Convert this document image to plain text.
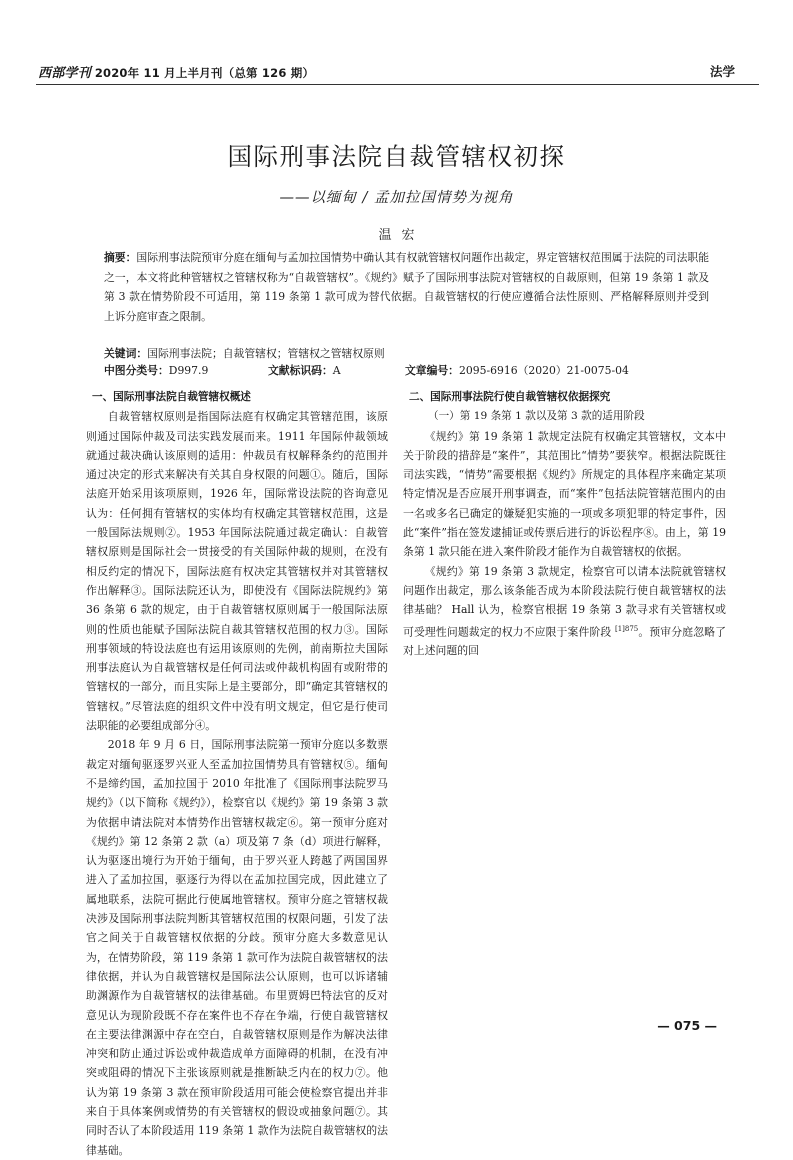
西部学刊 2020年 11 月上半月刊（总第 126 期）	法学
国际刑事法院自裁管辖权初探
——以缅甸 / 孟加拉国情势为视角
温宏

摘要：国际刑事法院预审分庭在缅甸与孟加拉国情势中确认其有权就管辖权问题作出裁定，界定管辖权范围属于法院的司法职能之一，本文将此种管辖权之管辖权称为“自裁管辖权”。《规约》赋予了国际刑事法院对管辖权的自裁原则，但第 19 条第 1 款及第 3 款在情势阶段不可适用，第 119 条第 1 款可成为替代依据。自裁管辖权的行使应遵循合法性原则、严格解释原则并受到上诉分庭审查之限制。

关键词：国际刑事法院；自裁管辖权；管辖权之管辖权原则

中图分类号：D997.9	文献标识码：A	文章编号：2095-6916（2020）21-0075-04
一、国际刑事法院自裁管辖权概述

自裁管辖权原则是指国际法庭有权确定其管辖范围，该原则通过国际仲裁及司法实践发展而来。1911 年国际仲裁领域就通过裁决确认该原则的适用：仲裁员有权解释条约的范围并通过决定的形式来解决有关其自身权限的问题①。随后，国际法庭开始采用该项原则，1926 年，国际常设法院的咨询意见认为：任何拥有管辖权的实体均有权确定其管辖权范围，这是一般国际法规则②。1953 年国际法院通过裁定确认：自裁管辖权原则是国际社会一贯接受的有关国际仲裁的规则，在没有相反约定的情况下，国际法庭有权决定其管辖权并对其管辖权作出解释③。国际法院还认为，即使没有《国际法院规约》第 36 条第 6 款的规定，由于自裁管辖权原则属于一般国际法原则的性质也能赋予国际法院自裁其管辖权范围的权力③。国际刑事领域的特设法庭也有运用该原则的先例，前南斯拉夫国际刑事法庭认为自裁管辖权是任何司法或仲裁机构固有或附带的管辖权的一部分，而且实际上是主要部分，即“确定其管辖权的管辖权。”尽管法庭的组织文件中没有明文规定，但它是行使司法职能的必要组成部分④。

2018 年 9 月 6 日，国际刑事法院第一预审分庭以多数票裁定对缅甸驱逐罗兴亚人至孟加拉国情势具有管辖权⑤。缅甸不是缔约国，孟加拉国于 2010 年批准了《国际刑事法院罗马规约》（以下简称《规约》），检察官以《规约》第 19 条第 3 款为依据申请法院对本情势作出管辖权裁定⑥。第一预审分庭对《规约》第 12 条第 2 款（a）项及第 7 条（d）项进行解释，认为驱逐出境行为开始于缅甸，由于罗兴亚人跨越了两国国界进入了孟加拉国，驱逐行为得以在孟加拉国完成，因此建立了属地联系，法院可据此行使属地管辖权。预审分庭之管辖权裁决涉及国际刑事法院判断其管辖权范围的权限问题，引发了法官之间关于自裁管辖权依据的分歧。预审分庭大多数意见认为，在情势阶段，第 119 条第 1 款可作为法院自裁管辖权的法律依据，并认为自裁管辖权是国际法公认原则，也可以诉诸辅助渊源作为自裁管辖权的法律基础。布里贾姆巴特法官的反对意见认为现阶段既不存在案件也不存在争端，行使自裁管辖权在主要法律渊源中存在空白，自裁管辖权原则是作为解决法律冲突和防止通过诉讼或仲裁造成单方面障碍的机制，在没有冲突或阻碍的情况下主张该原则就是推断缺乏内在的权力⑦。他认为第 19 条第 3 款在预审阶段适用可能会使检察官提出并非来自于具体案例或情势的有关管辖权的假设或抽象问题⑦。其同时否认了本阶段适用 119 条第 1 款作为法院自裁管辖权的法律基础。

二、国际刑事法院行使自裁管辖权依据探究
（一）第 19 条第 1 款以及第 3 款的适用阶段

《规约》第 19 条第 1 款规定法院有权确定其管辖权，文本中关于阶段的措辞是“案件”，其范围比“情势”要狭窄。根据法院既往司法实践，“情势”需要根据《规约》所规定的具体程序来确定某项特定情况是否应展开刑事调查，而“案件”包括法院管辖范围内的由一名或多名已确定的嫌疑犯实施的一项或多项犯罪的特定事件，因此“案件”指在签发逮捕证或传票后进行的诉讼程序⑧。由上，第 19 条第 1 款只能在进入案件阶段才能作为自裁管辖权的依据。

《规约》第 19 条第 3 款规定，检察官可以请本法院就管辖权问题作出裁定，那么该条能否成为本阶段法院行使自裁管辖权的法律基础？ Hall 认为，检察官根据 19 条第 3 款寻求有关管辖权或可受理性问题裁定的权力不应限于案件阶段 $^{[1]875}$。预审分庭忽略了对上述问题的回

— 075 —
